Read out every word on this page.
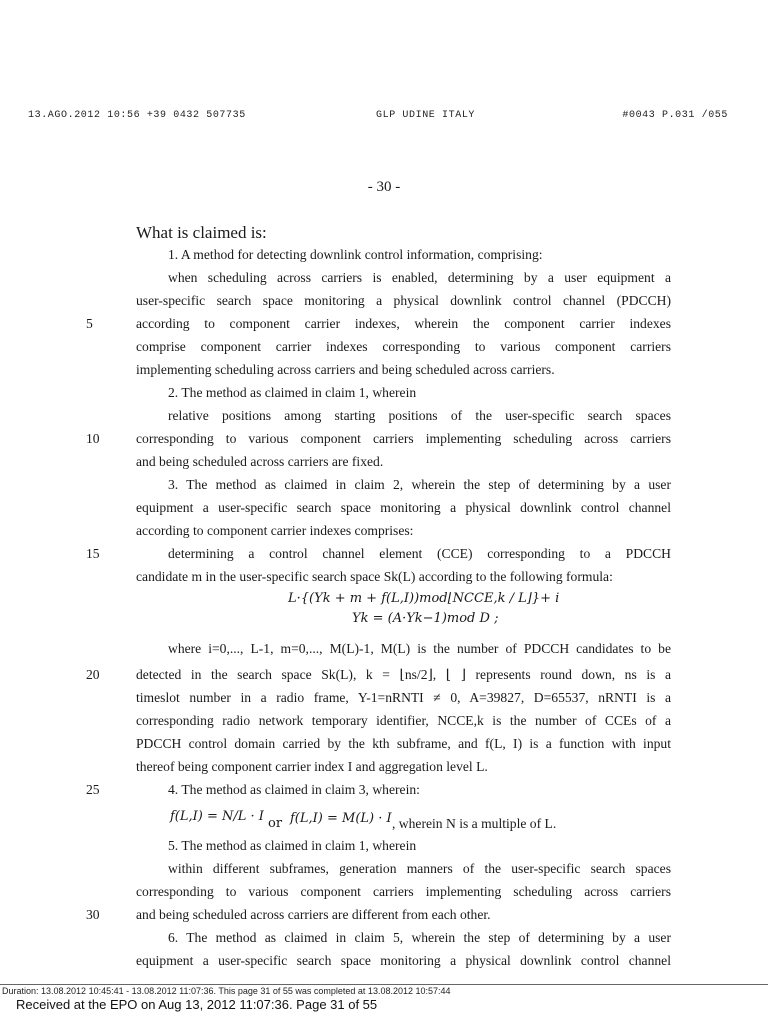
13.AGO.2012 10:56 +39 0432 507735	GLP UDINE ITALY	#0043 P.031 /055
- 30 -
What is claimed is:
1. A method for detecting downlink control information, comprising:
when scheduling across carriers is enabled, determining by a user equipment a
user-specific search space monitoring a physical downlink control channel (PDCCH)
according to component carrier indexes, wherein the component carrier indexes
comprise component carrier indexes corresponding to various component carriers
implementing scheduling across carriers and being scheduled across carriers.
2. The method as claimed in claim 1, wherein
relative positions among starting positions of the user-specific search spaces
corresponding to various component carriers implementing scheduling across carriers
and being scheduled across carriers are fixed.
3. The method as claimed in claim 2, wherein the step of determining by a user
equipment a user-specific search space monitoring a physical downlink control channel
according to component carrier indexes comprises:
determining a control channel element (CCE) corresponding to a PDCCH
candidate m in the user-specific search space Sk(L) according to the following formula:
L·{(Yk + m + f(L,I))mod⌊NCCE,k / L⌋}+ i
Yk = (A·Yk−1)mod D ;
where i=0,..., L-1, m=0,..., M(L)-1, M(L) is the number of PDCCH candidates to be
detected in the search space Sk(L), k = ⌊ns/2⌋, ⌊ ⌋ represents round down, ns is a
timeslot number in a radio frame, Y-1=nRNTI ≠ 0, A=39827, D=65537, nRNTI is a
corresponding radio network temporary identifier, NCCE,k is the number of CCEs of a
PDCCH control domain carried by the kth subframe, and f(L, I) is a function with input
thereof being component carrier index I and aggregation level L.
4. The method as claimed in claim 3, wherein:
f(L,I) = N/L · I or f(L,I) = M(L) · I , wherein N is a multiple of L.
5. The method as claimed in claim 1, wherein
within different subframes, generation manners of the user-specific search spaces
corresponding to various component carriers implementing scheduling across carriers
and being scheduled across carriers are different from each other.
6. The method as claimed in claim 5, wherein the step of determining by a user
equipment a user-specific search space monitoring a physical downlink control channel
5
10
15
20
25
30
Duration: 13.08.2012 10:45:41 - 13.08.2012 11:07:36. This page 31 of 55 was completed at 13.08.2012 10:57:44
Received at the EPO on Aug 13, 2012 11:07:36. Page 31 of 55
